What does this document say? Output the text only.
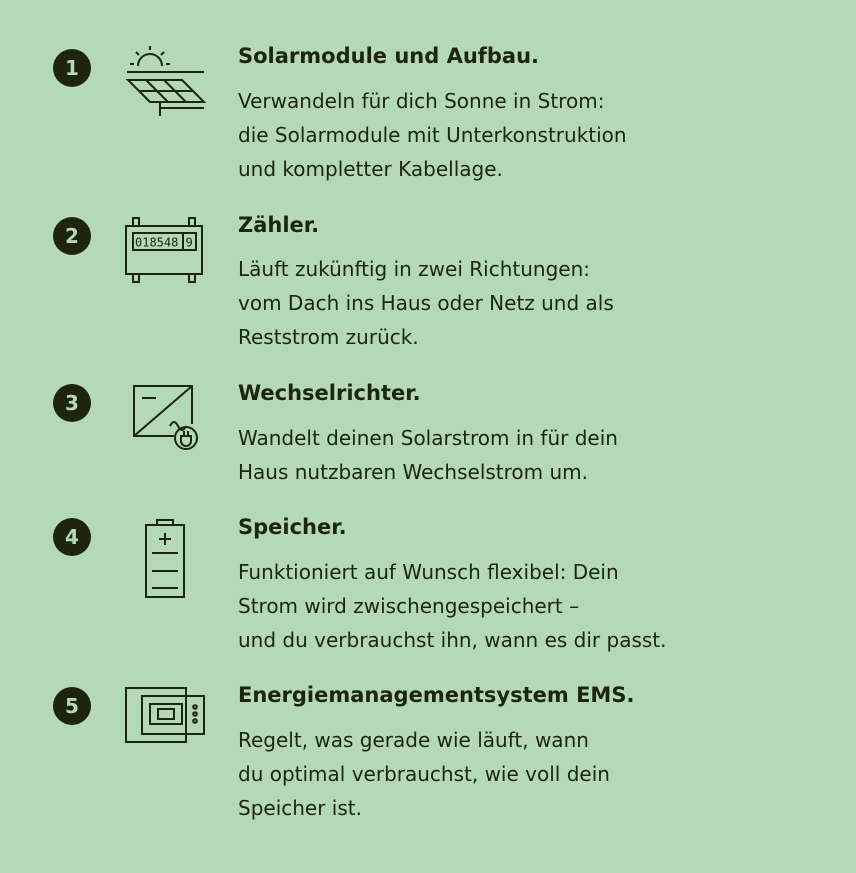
1	Solarmodule und Aufbau.
Verwandeln für dich Sonne in Strom:
die Solarmodule mit Unterkonstruktion
und kompletter Kabellage.
2	018548 9
Zähler.
Läuft zukünftig in zwei Richtungen:
vom Dach ins Haus oder Netz und als
Reststrom zurück.
3	Wechselrichter.
Wandelt deinen Solarstrom in für dein
Haus nutzbaren Wechselstrom um.
4	Speicher.
Funktioniert auf Wunsch flexibel: Dein
Strom wird zwischengespeichert –
und du verbrauchst ihn, wann es dir passt.
5	Energiemanagementsystem EMS.
Regelt, was gerade wie läuft, wann
du optimal verbrauchst, wie voll dein
Speicher ist.
